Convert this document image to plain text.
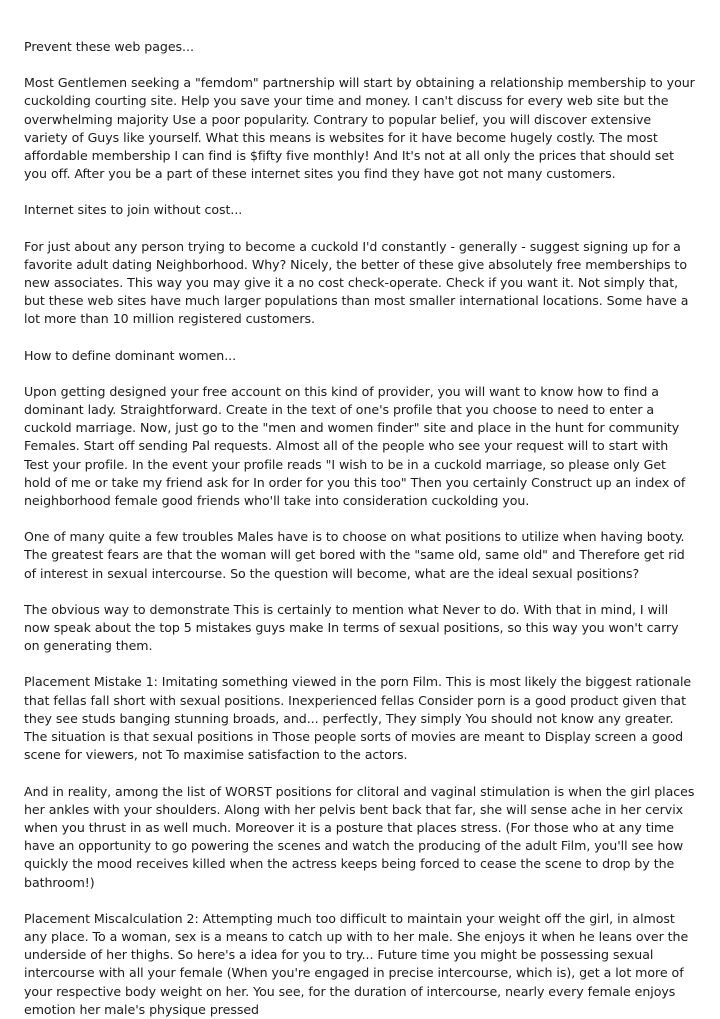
Prevent these web pages...

Most Gentlemen seeking a "femdom" partnership will start by obtaining a relationship membership to your cuckolding courting site. Help you save your time and money. I can't discuss for every web site but the overwhelming majority Use a poor popularity. Contrary to popular belief, you will discover extensive variety of Guys like yourself. What this means is websites for it have become hugely costly. The most affordable membership I can find is $fifty five monthly! And It's not at all only the prices that should set you off. After you be a part of these internet sites you find they have got not many customers.

Internet sites to join without cost...

For just about any person trying to become a cuckold I'd constantly - generally - suggest signing up for a favorite adult dating Neighborhood. Why? Nicely, the better of these give absolutely free memberships to new associates. This way you may give it a no cost check-operate. Check if you want it. Not simply that, but these web sites have much larger populations than most smaller international locations. Some have a lot more than 10 million registered customers.

How to define dominant women...

Upon getting designed your free account on this kind of provider, you will want to know how to find a dominant lady. Straightforward. Create in the text of one's profile that you choose to need to enter a cuckold marriage. Now, just go to the "men and women finder" site and place in the hunt for community Females. Start off sending Pal requests. Almost all of the people who see your request will to start with Test your profile. In the event your profile reads "I wish to be in a cuckold marriage, so please only Get hold of me or take my friend ask for In order for you this too" Then you certainly Construct up an index of neighborhood female good friends who'll take into consideration cuckolding you.

One of many quite a few troubles Males have is to choose on what positions to utilize when having booty. The greatest fears are that the woman will get bored with the "same old, same old" and Therefore get rid of interest in sexual intercourse. So the question will become, what are the ideal sexual positions?

The obvious way to demonstrate This is certainly to mention what Never to do. With that in mind, I will now speak about the top 5 mistakes guys make In terms of sexual positions, so this way you won't carry on generating them.

Placement Mistake 1: Imitating something viewed in the porn Film. This is most likely the biggest rationale that fellas fall short with sexual positions. Inexperienced fellas Consider porn is a good product given that they see studs banging stunning broads, and... perfectly, They simply You should not know any greater. The situation is that sexual positions in Those people sorts of movies are meant to Display screen a good scene for viewers, not To maximise satisfaction to the actors.

And in reality, among the list of WORST positions for clitoral and vaginal stimulation is when the girl places her ankles with your shoulders. Along with her pelvis bent back that far, she will sense ache in her cervix when you thrust in as well much. Moreover it is a posture that places stress. (For those who at any time have an opportunity to go powering the scenes and watch the producing of the adult Film, you'll see how quickly the mood receives killed when the actress keeps being forced to cease the scene to drop by the bathroom!)

Placement Miscalculation 2: Attempting much too difficult to maintain your weight off the girl, in almost any place. To a woman, sex is a means to catch up with to her male. She enjoys it when he leans over the underside of her thighs. So here's a idea for you to try... Future time you might be possessing sexual intercourse with all your female (When you're engaged in precise intercourse, which is), get a lot more of your respective body weight on her. You see, for the duration of intercourse, nearly every female enjoys emotion her male's physique pressed
